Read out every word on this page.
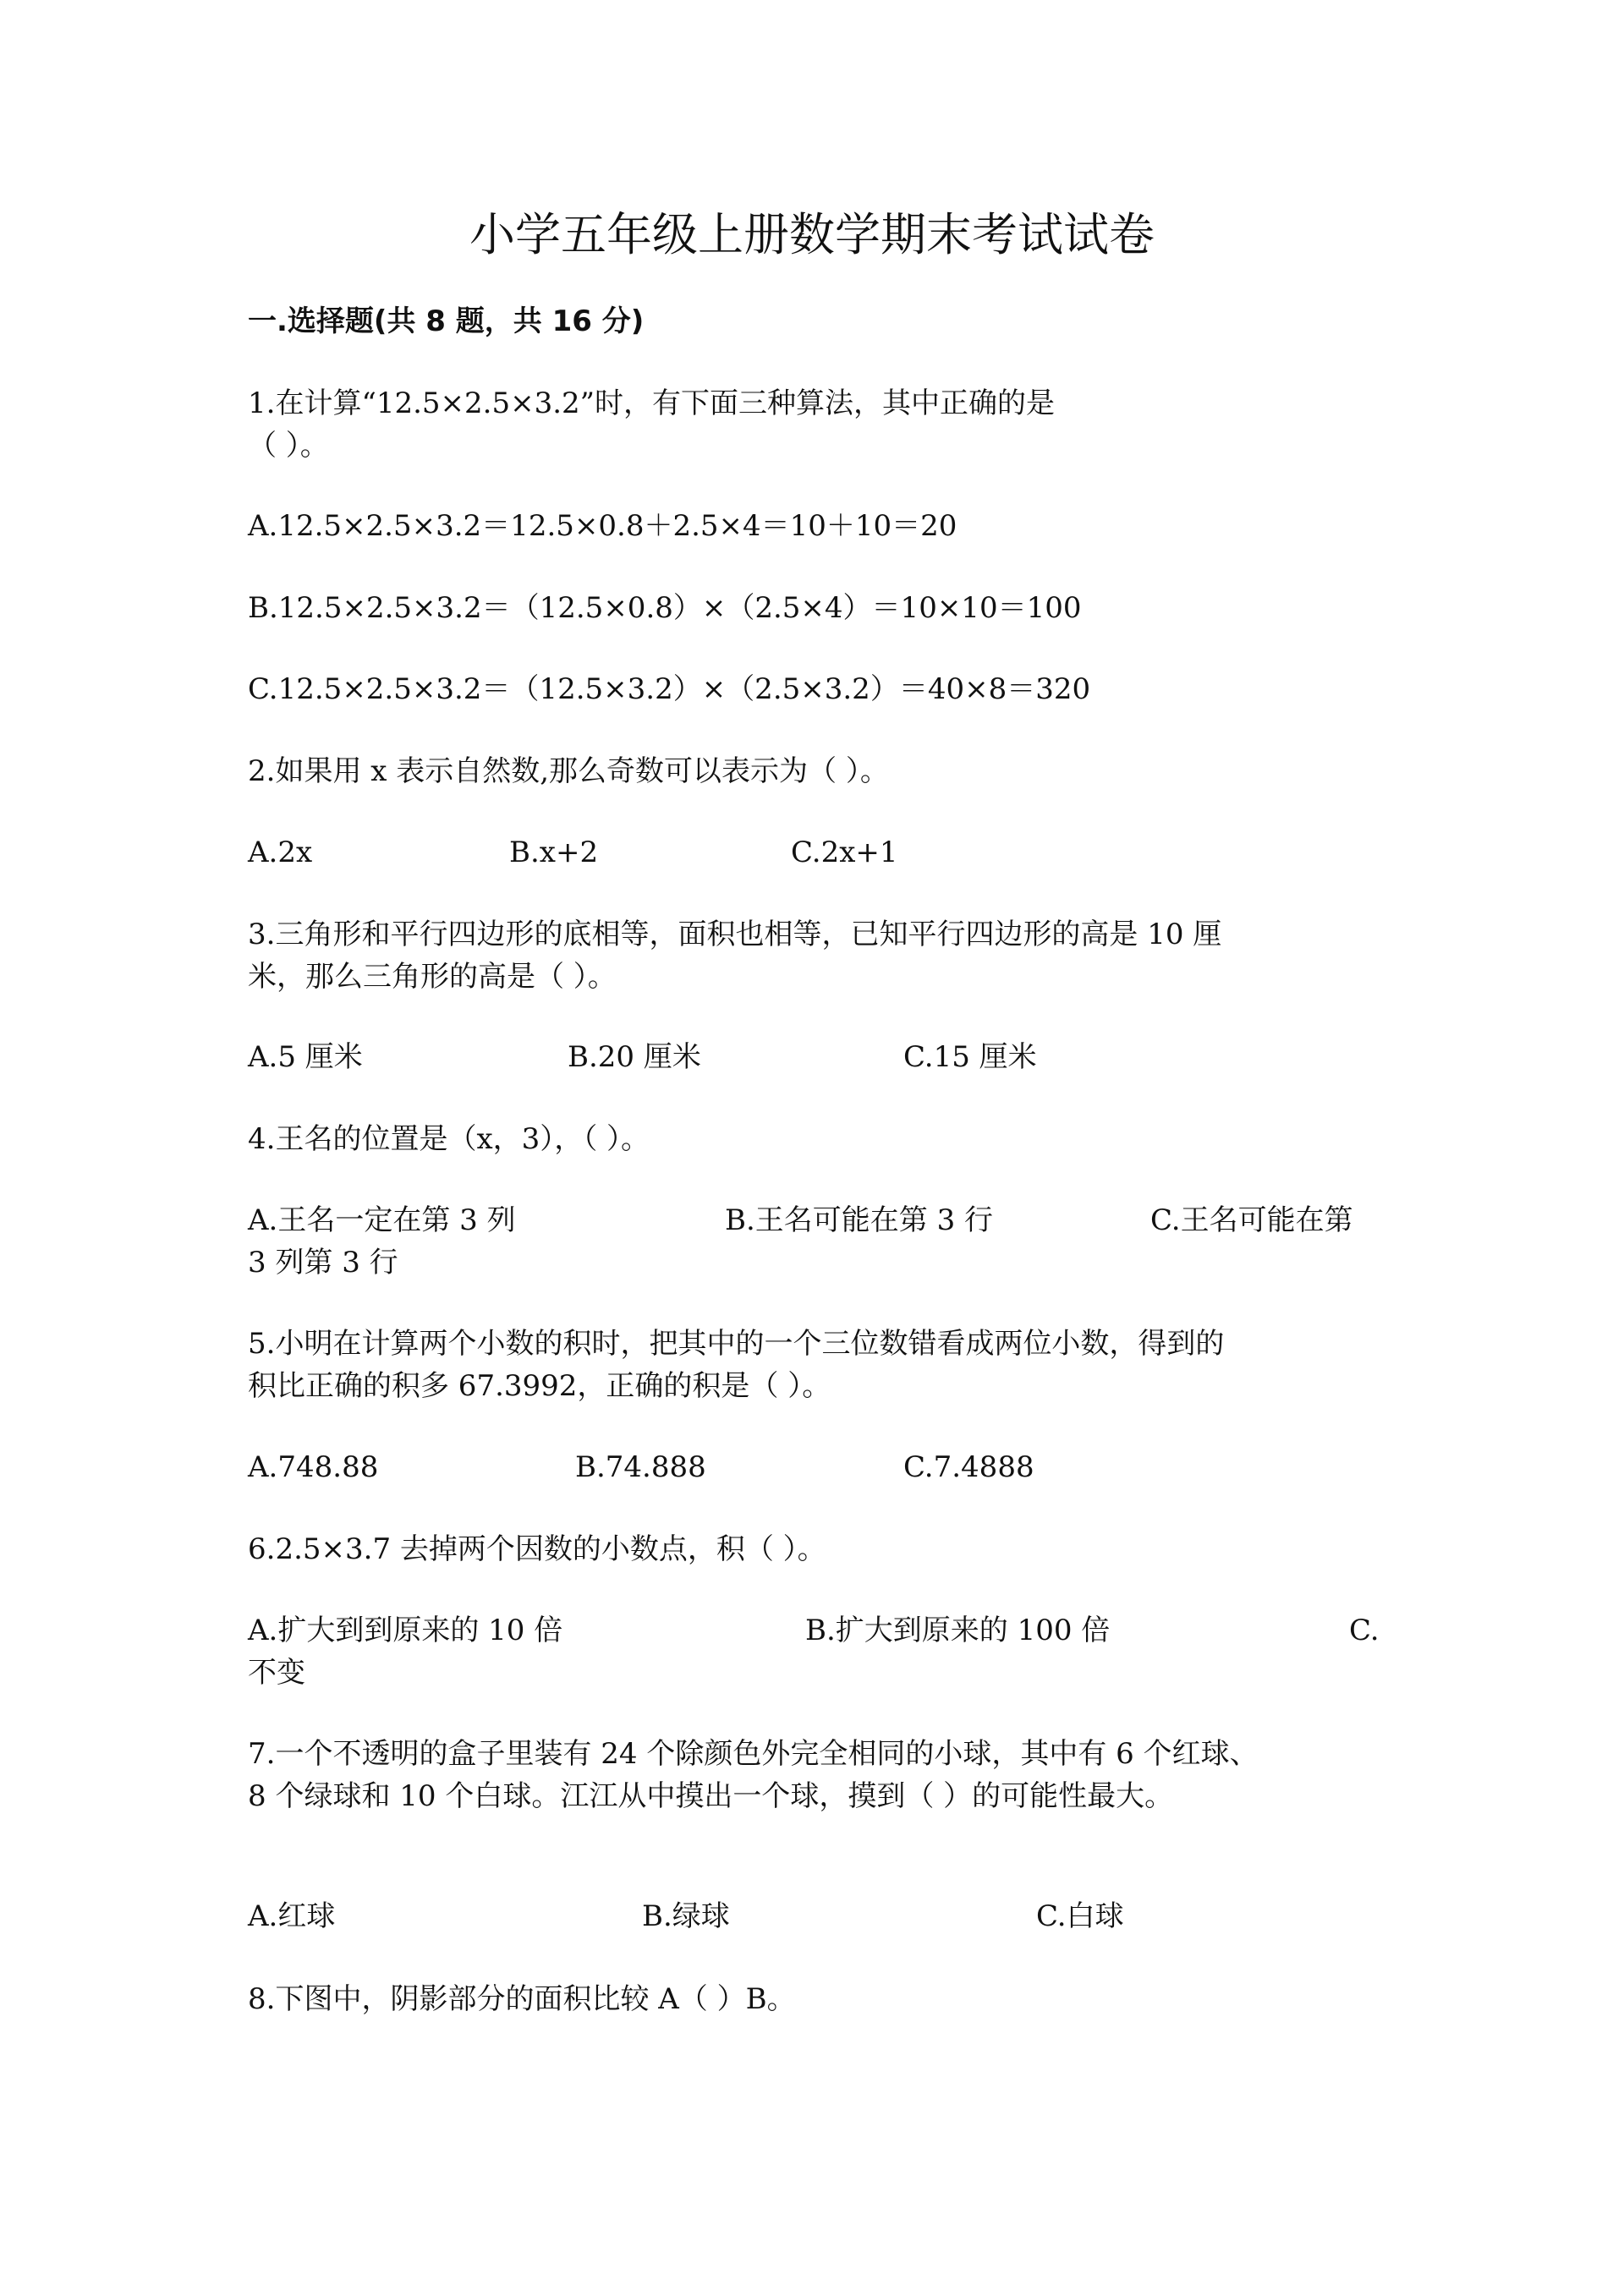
小学五年级上册数学期末考试试卷

一.选择题(共 8 题，共 16 分)

1.在计算“12.5×2.5×3.2”时，有下面三种算法，其中正确的是

（ ）。

A.12.5×2.5×3.2＝12.5×0.8＋2.5×4＝10＋10＝20

B.12.5×2.5×3.2＝（12.5×0.8）×（2.5×4）＝10×10＝100

C.12.5×2.5×3.2＝（12.5×3.2）×（2.5×3.2）＝40×8＝320

2.如果用 x 表示自然数,那么奇数可以表示为（ ）。

A.2x	B.x+2	C.2x+1

3.三角形和平行四边形的底相等，面积也相等，已知平行四边形的高是 10 厘

米，那么三角形的高是（ ）。

A.5 厘米	B.20 厘米	C.15 厘米

4.王名的位置是（x，3），（ ）。

A.王名一定在第 3 列	B.王名可能在第 3 行	C.王名可能在第

3 列第 3 行

5.小明在计算两个小数的积时，把其中的一个三位数错看成两位小数，得到的

积比正确的积多 67.3992，正确的积是（ ）。

A.748.88	B.74.888	C.7.4888

6.2.5×3.7 去掉两个因数的小数点，积（ ）。

A.扩大到到原来的 10 倍	B.扩大到原来的 100 倍	C.

不变

7.一个不透明的盒子里装有 24 个除颜色外完全相同的小球，其中有 6 个红球、

8 个绿球和 10 个白球。江江从中摸出一个球，摸到（ ）的可能性最大。

A.红球	B.绿球	C.白球

8.下图中，阴影部分的面积比较 A（ ）B。
